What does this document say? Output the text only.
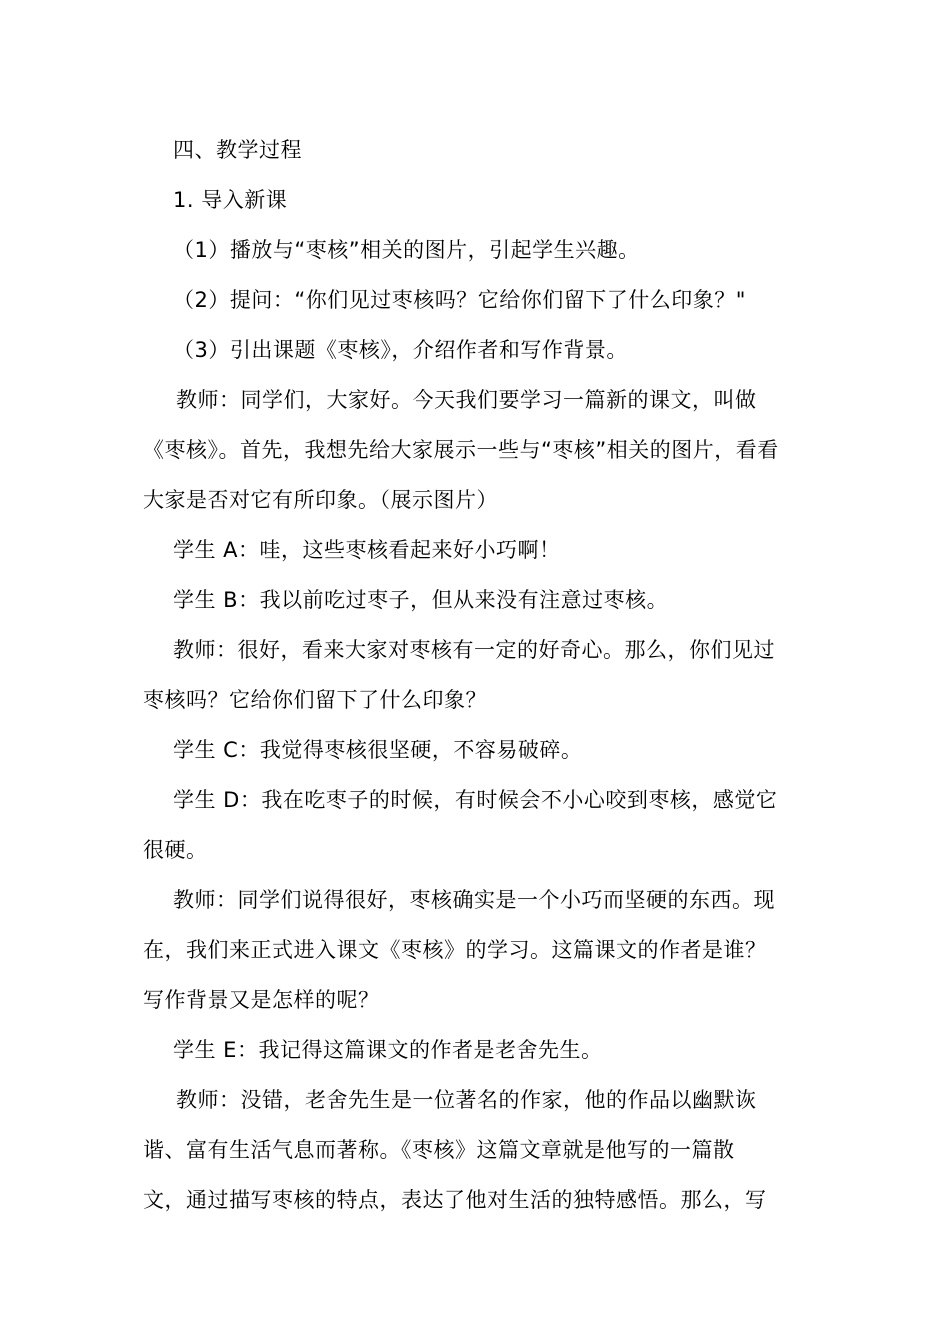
四、教学过程
1. 导入新课
（1）播放与“枣核”相关的图片，引起学生兴趣。
（2）提问：“你们见过枣核吗？它给你们留下了什么印象？"
（3）引出课题《枣核》，介绍作者和写作背景。
教师：同学们，大家好。今天我们要学习一篇新的课文，叫做
《枣核》。首先，我想先给大家展示一些与“枣核”相关的图片，看看
大家是否对它有所印象。（展示图片）
学生 A：哇，这些枣核看起来好小巧啊！
学生 B：我以前吃过枣子，但从来没有注意过枣核。
教师：很好，看来大家对枣核有一定的好奇心。那么，你们见过
枣核吗？它给你们留下了什么印象？
学生 C：我觉得枣核很坚硬，不容易破碎。
学生 D：我在吃枣子的时候，有时候会不小心咬到枣核，感觉它
很硬。
教师：同学们说得很好，枣核确实是一个小巧而坚硬的东西。现
在，我们来正式进入课文《枣核》的学习。这篇课文的作者是谁？
写作背景又是怎样的呢？
学生 E：我记得这篇课文的作者是老舍先生。
教师：没错，老舍先生是一位著名的作家，他的作品以幽默诙
谐、富有生活气息而著称。《枣核》这篇文章就是他写的一篇散
文，通过描写枣核的特点，表达了他对生活的独特感悟。那么，写
